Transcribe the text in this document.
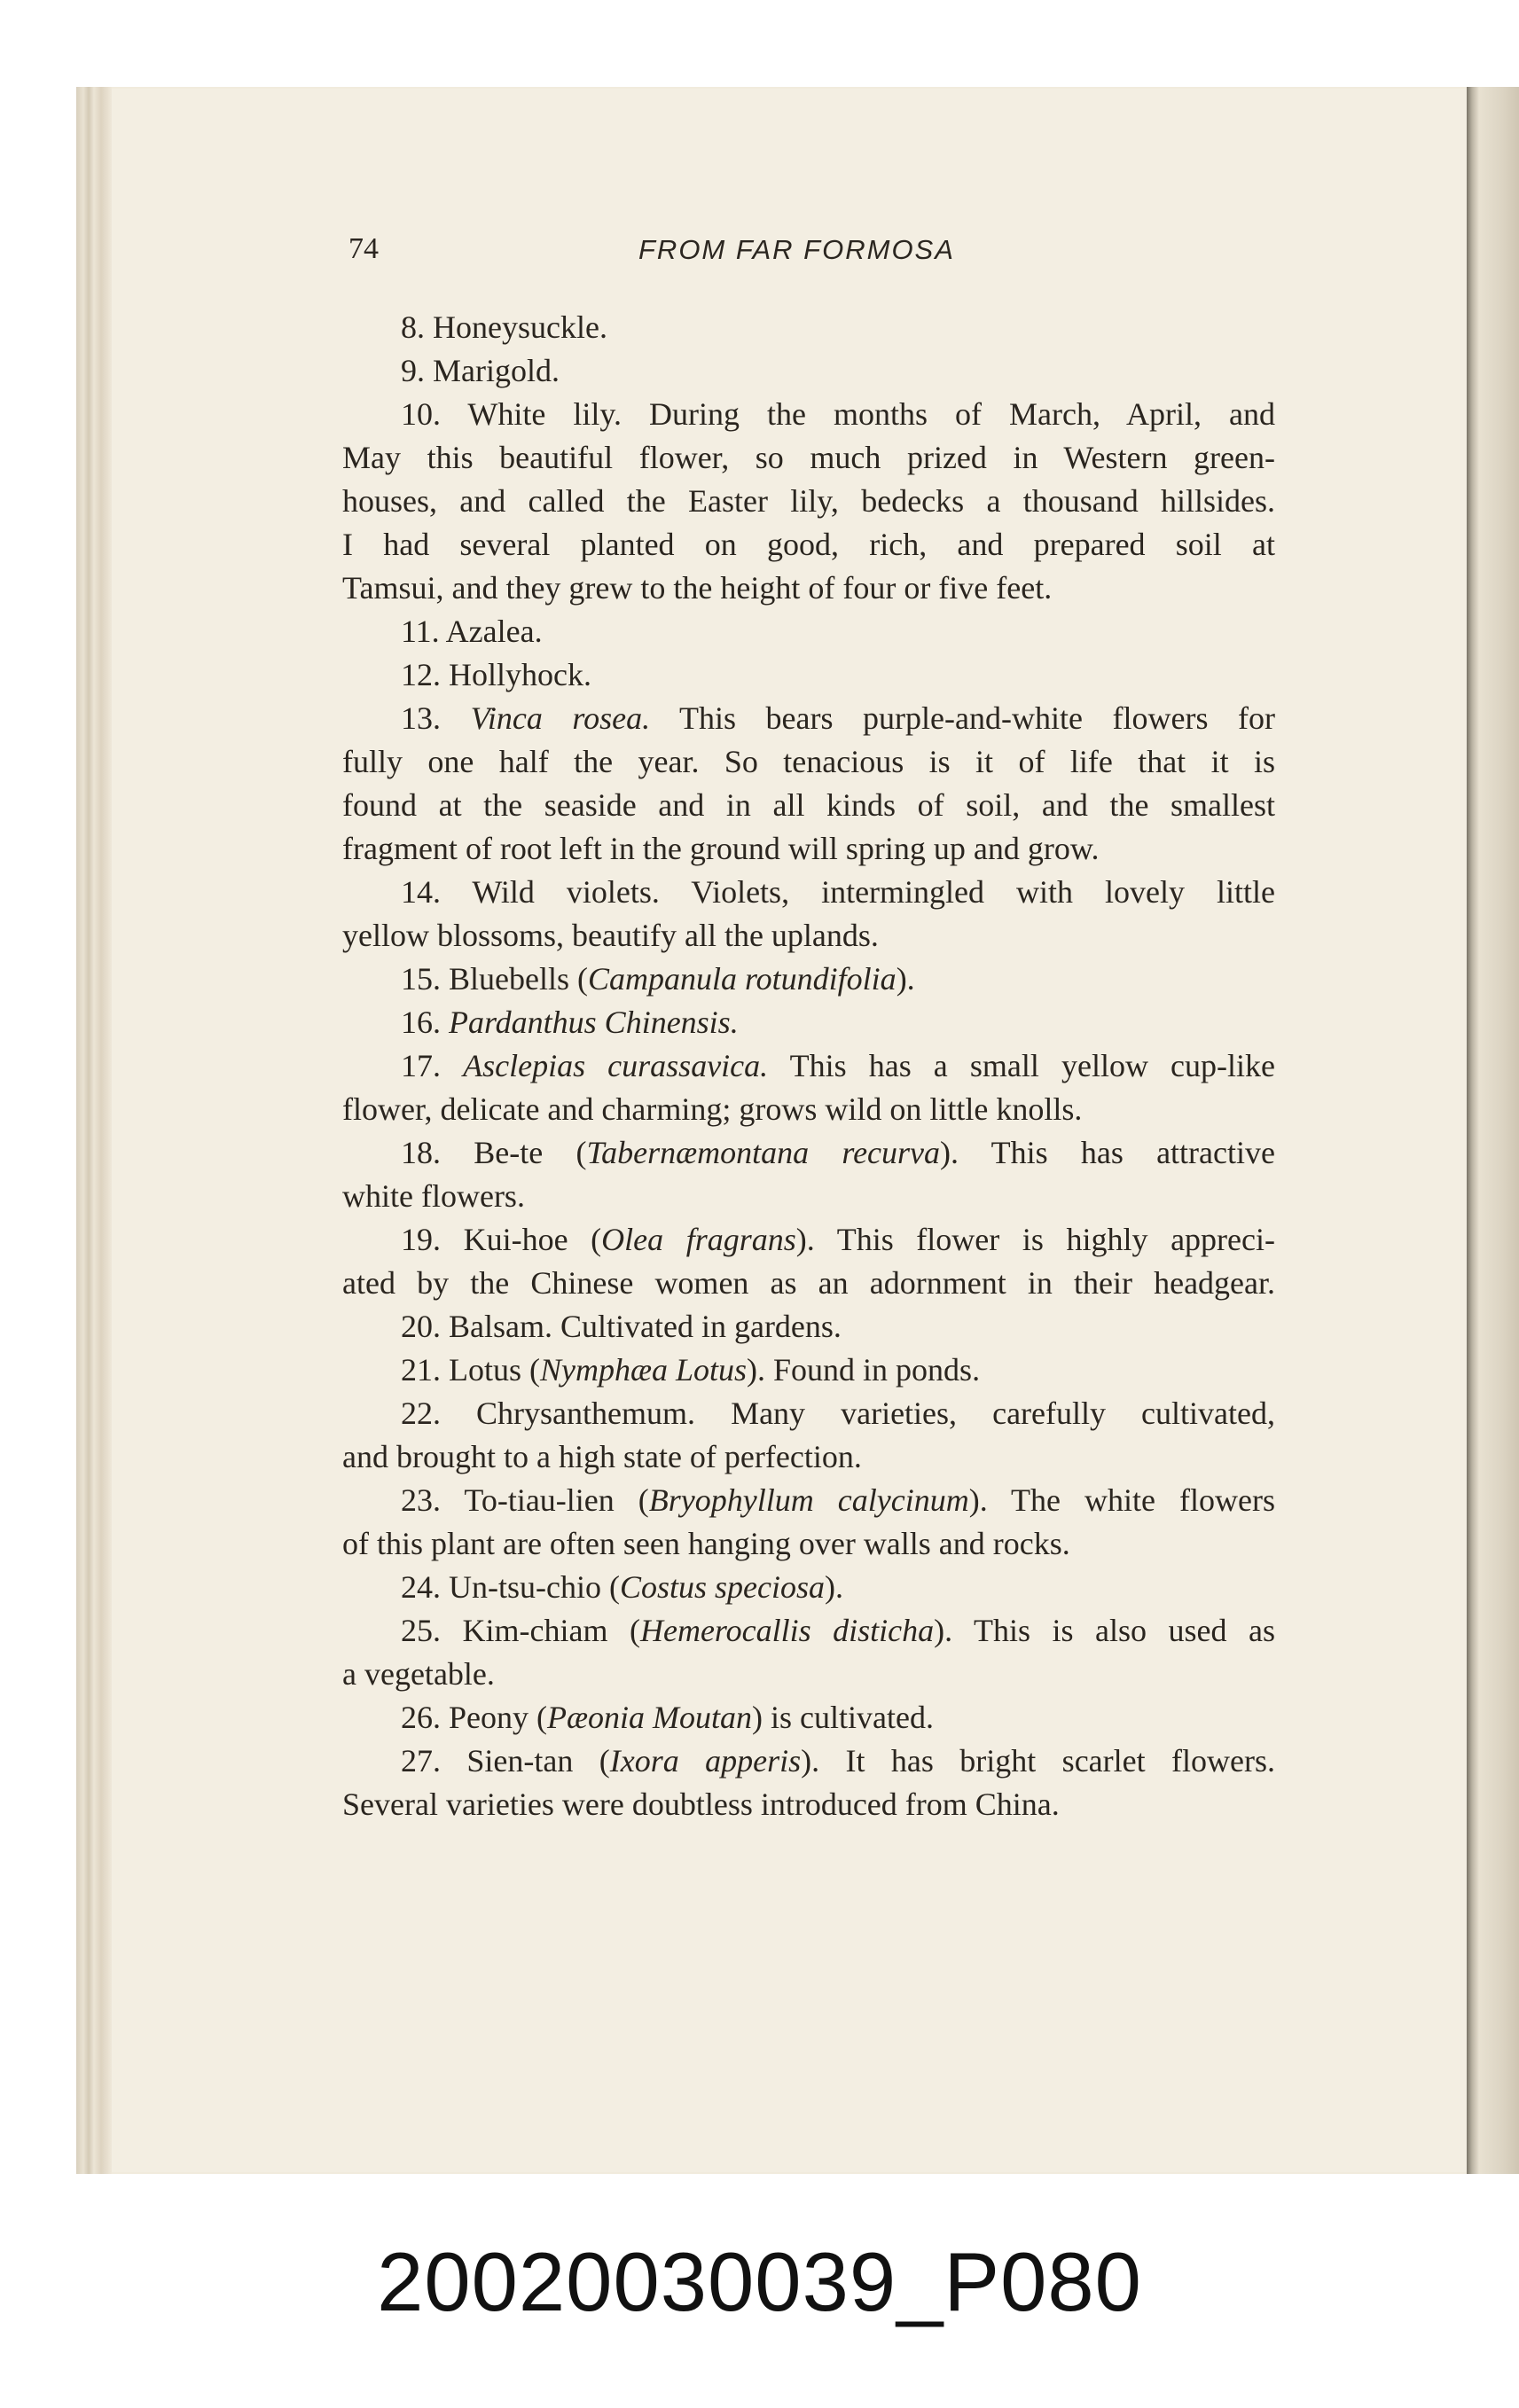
74	FROM FAR FORMOSA
8. Honeysuckle.
9. Marigold.
10. White lily. During the months of March, April, and
May this beautiful flower, so much prized in Western green-
houses, and called the Easter lily, bedecks a thousand hillsides.
I had several planted on good, rich, and prepared soil at
Tamsui, and they grew to the height of four or five feet.
11. Azalea.
12. Hollyhock.
13. Vinca rosea. This bears purple-and-white flowers for
fully one half the year. So tenacious is it of life that it is
found at the seaside and in all kinds of soil, and the smallest
fragment of root left in the ground will spring up and grow.
14. Wild violets. Violets, intermingled with lovely little
yellow blossoms, beautify all the uplands.
15. Bluebells (Campanula rotundifolia).
16. Pardanthus Chinensis.
17. Asclepias curassavica. This has a small yellow cup-like
flower, delicate and charming; grows wild on little knolls.
18. Be-te (Tabernæmontana recurva). This has attractive
white flowers.
19. Kui-hoe (Olea fragrans). This flower is highly appreci-
ated by the Chinese women as an adornment in their headgear.
20. Balsam. Cultivated in gardens.
21. Lotus (Nymphæa Lotus). Found in ponds.
22. Chrysanthemum. Many varieties, carefully cultivated,
and brought to a high state of perfection.
23. To-tiau-lien (Bryophyllum calycinum). The white flowers
of this plant are often seen hanging over walls and rocks.
24. Un-tsu-chio (Costus speciosa).
25. Kim-chiam (Hemerocallis disticha). This is also used as
a vegetable.
26. Peony (Pæonia Moutan) is cultivated.
27. Sien-tan (Ixora apperis). It has bright scarlet flowers.
Several varieties were doubtless introduced from China.
20020030039_P080
